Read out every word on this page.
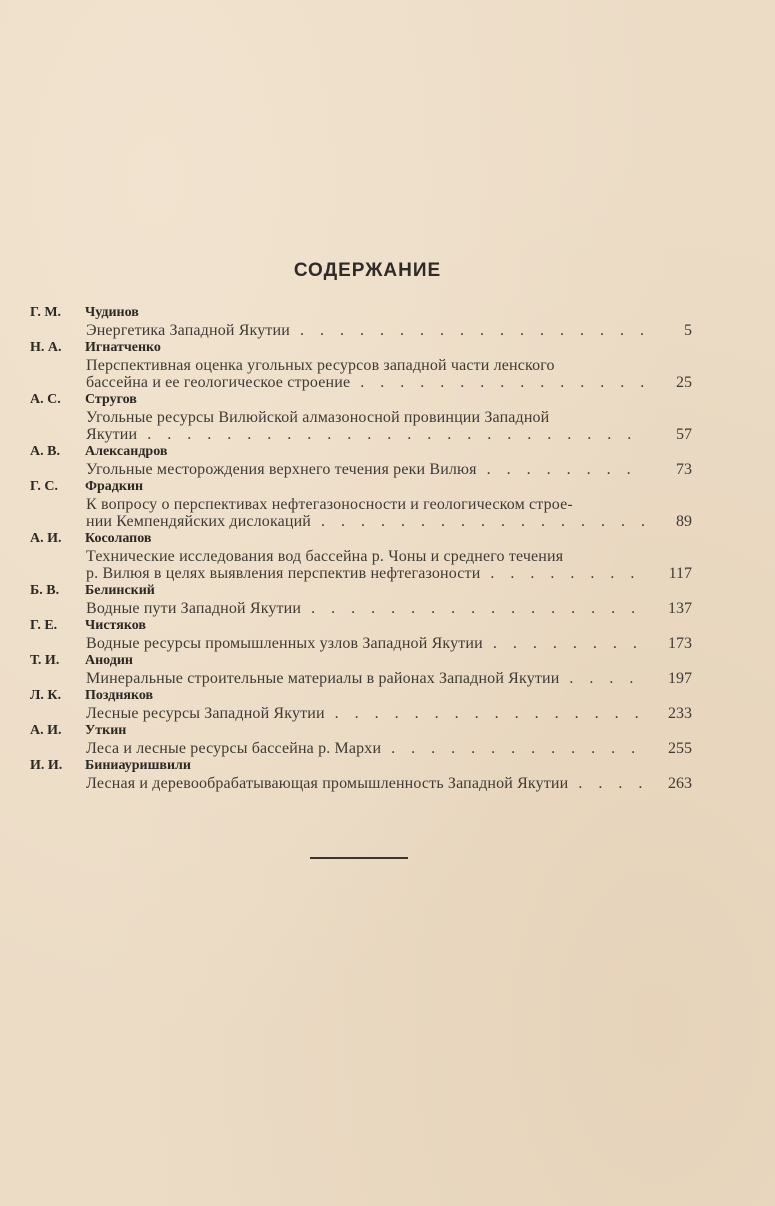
СОДЕРЖАНИЕ
Г. М. Чудинов
Энергетика Западной Якутии . . .	5
Н. А. Игнатченко
Перспективная оценка угольных ресурсов западной части ленского
бассейна и ее геологическое строение . . .	25
А. С. Стругов
Угольные ресурсы Вилюйской алмазоносной провинции Западной
Якутии . . .	57
А. В. Александров
Угольные месторождения верхнего течения реки Вилюя . . .	73
Г. С. Фрадкин
К вопросу о перспективах нефтегазоносности и геологическом строе-
нии Кемпендяйских дислокаций . . .	89
А. И. Косолапов
Технические исследования вод бассейна р. Чоны и среднего течения
р. Вилюя в целях выявления перспектив нефтегазоности . . .	117
Б. В. Белинский
Водные пути Западной Якутии . . .	137
Г. Е. Чистяков
Водные ресурсы промышленных узлов Западной Якутии . . .	173
Т. И. Анодин
Минеральные строительные материалы в районах Западной Якутии . . .	197
Л. К. Поздняков
Лесные ресурсы Западной Якутии . . .	233
А. И. Уткин
Леса и лесные ресурсы бассейна р. Мархи . . .	255
И. И. Биниауришвили
Лесная и деревообрабатывающая промышленность Западной Якутии . . .	263
